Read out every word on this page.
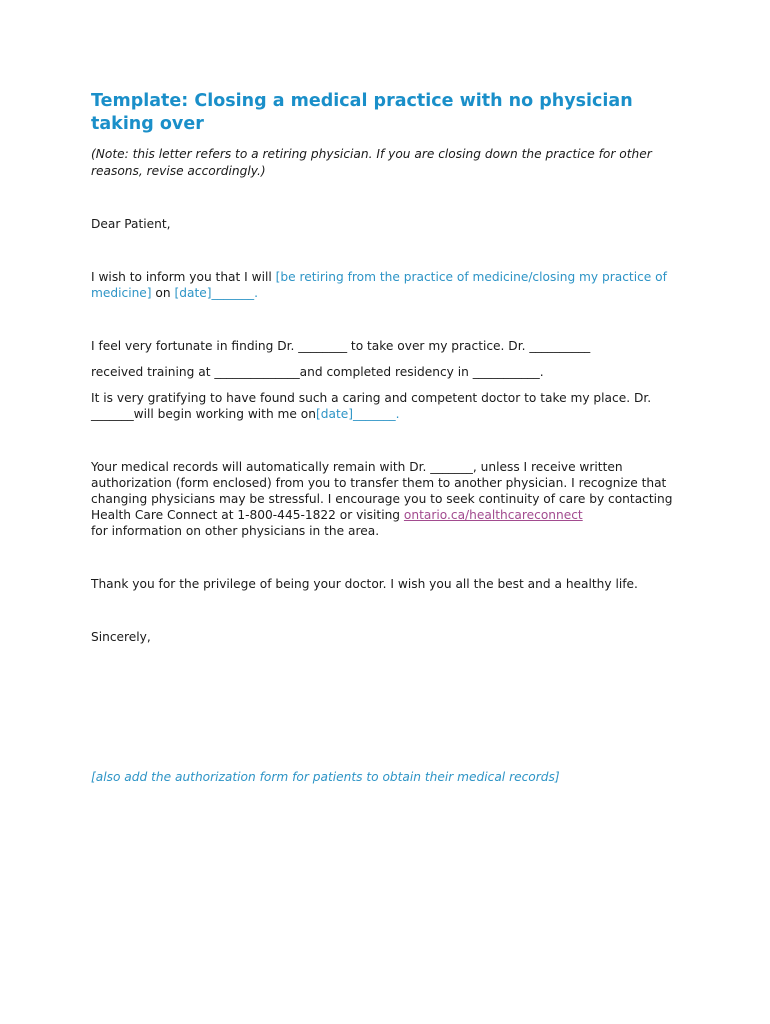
Template: Closing a medical practice with no physician taking over
(Note: this letter refers to a retiring physician. If you are closing down the practice for other reasons, revise accordingly.)

Dear Patient,

I wish to inform you that I will [be retiring from the practice of medicine/closing my practice of medicine] on [date]_______.

I feel very fortunate in finding Dr. ________ to take over my practice. Dr. __________

received training at ______________and completed residency in ___________.

It is very gratifying to have found such a caring and competent doctor to take my place. Dr. _______will begin working with me on[date]_______.

Your medical records will automatically remain with Dr. _______, unless I receive written authorization (form enclosed) from you to transfer them to another physician. I recognize that changing physicians may be stressful. I encourage you to seek continuity of care by contacting Health Care Connect at 1-800-445-1822 or visiting ontario.ca/healthcareconnect
for information on other physicians in the area.

Thank you for the privilege of being your doctor. I wish you all the best and a healthy life.

Sincerely,

[also add the authorization form for patients to obtain their medical records]
